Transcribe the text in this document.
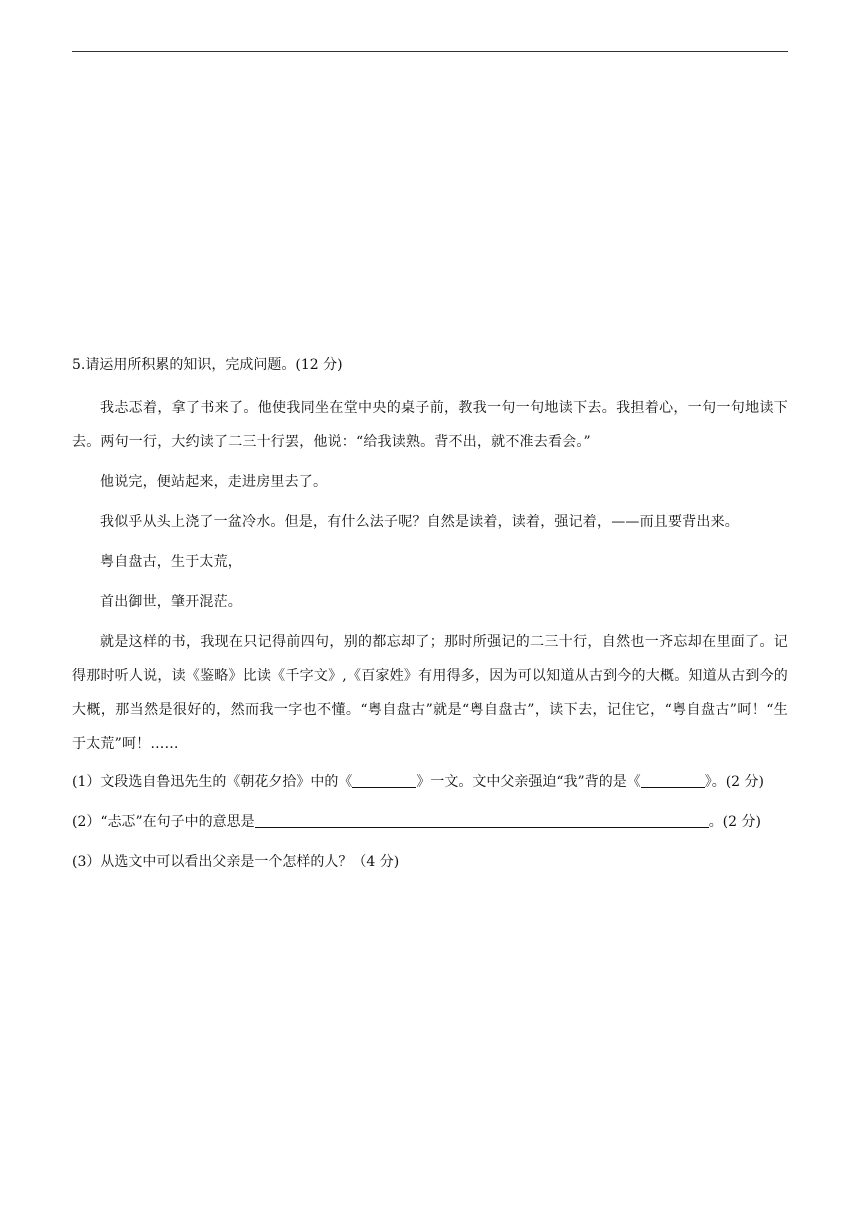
5.请运用所积累的知识，完成问题。(12 分)

我忐忑着，拿了书来了。他使我同坐在堂中央的桌子前，教我一句一句地读下去。我担着心，一句一句地读下去。两句一行，大约读了二三十行罢，他说：“给我读熟。背不出，就不准去看会。”

他说完，便站起来，走进房里去了。

我似乎从头上浇了一盆冷水。但是，有什么法子呢？自然是读着，读着，强记着，——而且要背出来。

粤自盘古，生于太荒，

首出御世，肇开混茫。

就是这样的书，我现在只记得前四句，别的都忘却了；那时所强记的二三十行，自然也一齐忘却在里面了。记得那时听人说，读《鉴略》比读《千字文》,《百家姓》有用得多，因为可以知道从古到今的大概。知道从古到今的大概，那当然是很好的，然而我一字也不懂。“粤自盘古”就是“粤自盘古”，读下去，记住它，“粤自盘古”呵！“生于太荒”呵！……

(1）文段选自鲁迅先生的《朝花夕拾》中的《	》一文。文中父亲强迫“我”背的是《	》。(2 分)
(2）“忐忑”在句子中的意思是	。(2 分)
(3）从选文中可以看出父亲是一个怎样的人？（4 分)
